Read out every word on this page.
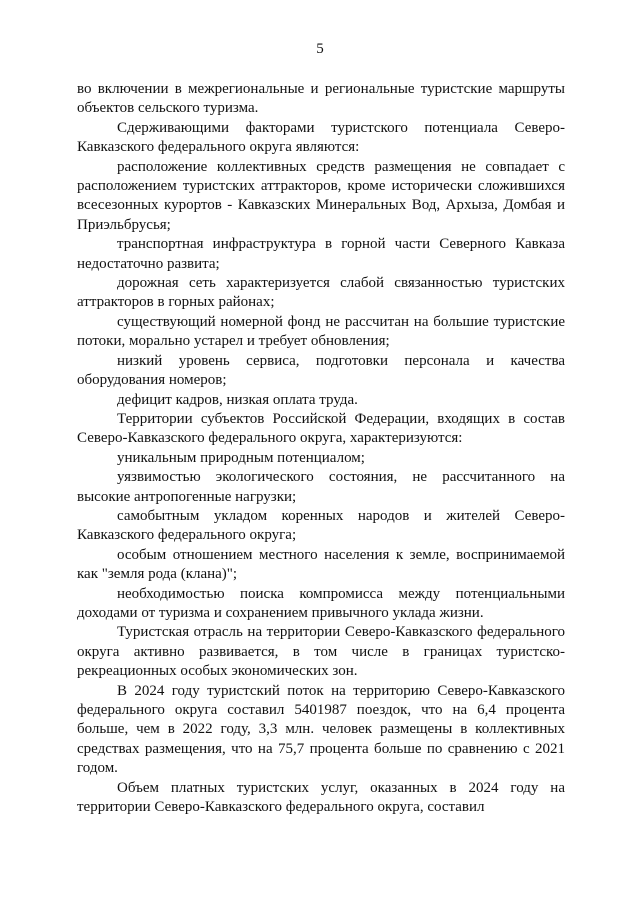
5

во включении в межрегиональные и региональные туристские маршруты объектов сельского туризма.

Сдерживающими факторами туристского потенциала Северо-Кавказского федерального округа являются:

расположение коллективных средств размещения не совпадает с расположением туристских аттракторов, кроме исторически сложившихся всесезонных курортов - Кавказских Минеральных Вод, Архыза, Домбая и Приэльбрусья;

транспортная инфраструктура в горной части Северного Кавказа недостаточно развита;

дорожная сеть характеризуется слабой связанностью туристских аттракторов в горных районах;

существующий номерной фонд не рассчитан на большие туристские потоки, морально устарел и требует обновления;

низкий уровень сервиса, подготовки персонала и качества оборудования номеров;

дефицит кадров, низкая оплата труда.

Территории субъектов Российской Федерации, входящих в состав Северо-Кавказского федерального округа, характеризуются:

уникальным природным потенциалом;

уязвимостью экологического состояния, не рассчитанного на высокие антропогенные нагрузки;

самобытным укладом коренных народов и жителей Северо-Кавказского федерального округа;

особым отношением местного населения к земле, воспринимаемой как "земля рода (клана)";

необходимостью поиска компромисса между потенциальными доходами от туризма и сохранением привычного уклада жизни.

Туристская отрасль на территории Северо-Кавказского федерального округа активно развивается, в том числе в границах туристско-рекреационных особых экономических зон.

В 2024 году туристский поток на территорию Северо-Кавказского федерального округа составил 5401987 поездок, что на 6,4 процента больше, чем в 2022 году, 3,3 млн. человек размещены в коллективных средствах размещения, что на 75,7 процента больше по сравнению с 2021 годом.

Объем платных туристских услуг, оказанных в 2024 году на территории Северо-Кавказского федерального округа, составил
